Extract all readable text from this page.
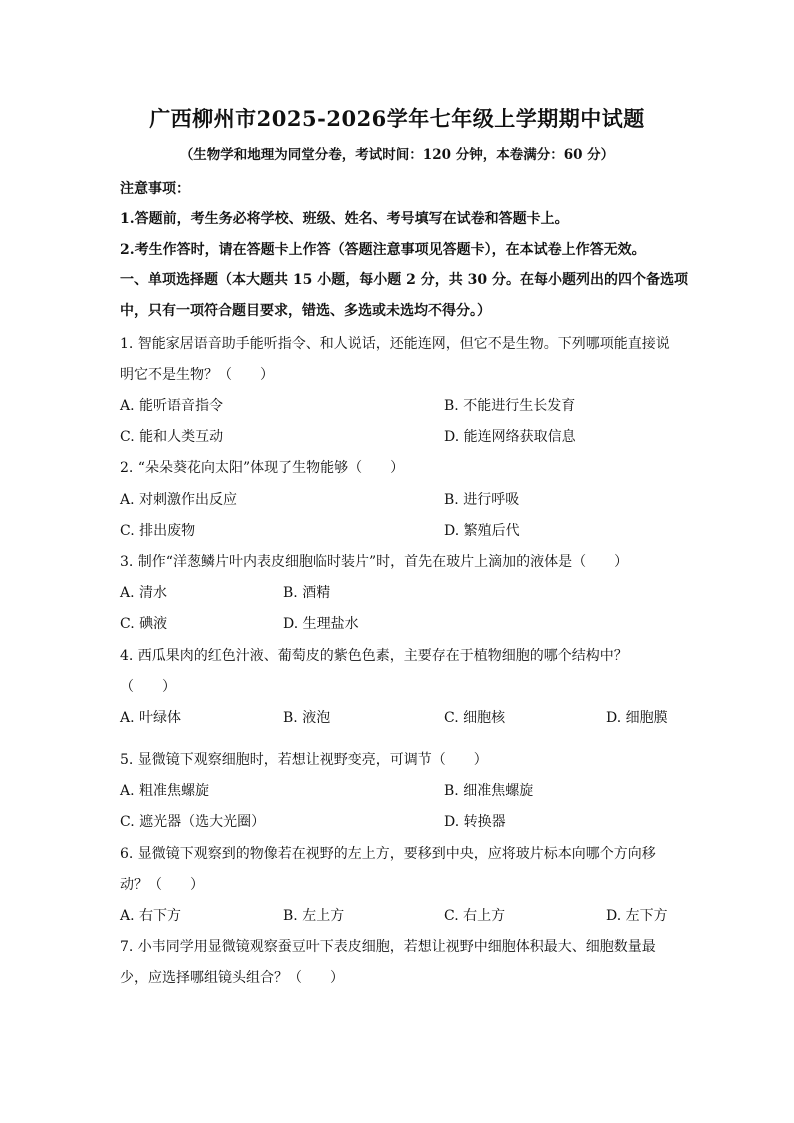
广西柳州市2025-2026学年七年级上学期期中试题
（生物学和地理为同堂分卷，考试时间：120 分钟，本卷满分：60 分）
注意事项：
1.答题前，考生务必将学校、班级、姓名、考号填写在试卷和答题卡上。
2.考生作答时，请在答题卡上作答（答题注意事项见答题卡），在本试卷上作答无效。
一、单项选择题（本大题共 15 小题，每小题 2 分，共 30 分。在每小题列出的四个备选项
中，只有一项符合题目要求，错选、多选或未选均不得分。）
1. 智能家居语音助手能听指令、和人说话，还能连网，但它不是生物。下列哪项能直接说
明它不是生物？（　　）
A. 能听语音指令	B. 不能进行生长发育
C. 能和人类互动	D. 能连网络获取信息
2. “朵朵葵花向太阳”体现了生物能够（　　）
A. 对刺激作出反应	B. 进行呼吸
C. 排出废物	D. 繁殖后代
3. 制作“洋葱鳞片叶内表皮细胞临时装片”时，首先在玻片上滴加的液体是（　　）
A. 清水	B. 酒精
C. 碘液	D. 生理盐水
4. 西瓜果肉的红色汁液、葡萄皮的紫色色素，主要存在于植物细胞的哪个结构中？
（　　）
A. 叶绿体	B. 液泡	C. 细胞核	D. 细胞膜
5. 显微镜下观察细胞时，若想让视野变亮，可调节（　　）
A. 粗准焦螺旋	B. 细准焦螺旋
C. 遮光器（选大光圈）	D. 转换器
6. 显微镜下观察到的物像若在视野的左上方，要移到中央，应将玻片标本向哪个方向移
动？（　　）
A. 右下方	B. 左上方	C. 右上方	D. 左下方
7. 小韦同学用显微镜观察蚕豆叶下表皮细胞，若想让视野中细胞体积最大、细胞数量最
少，应选择哪组镜头组合？（　　）
